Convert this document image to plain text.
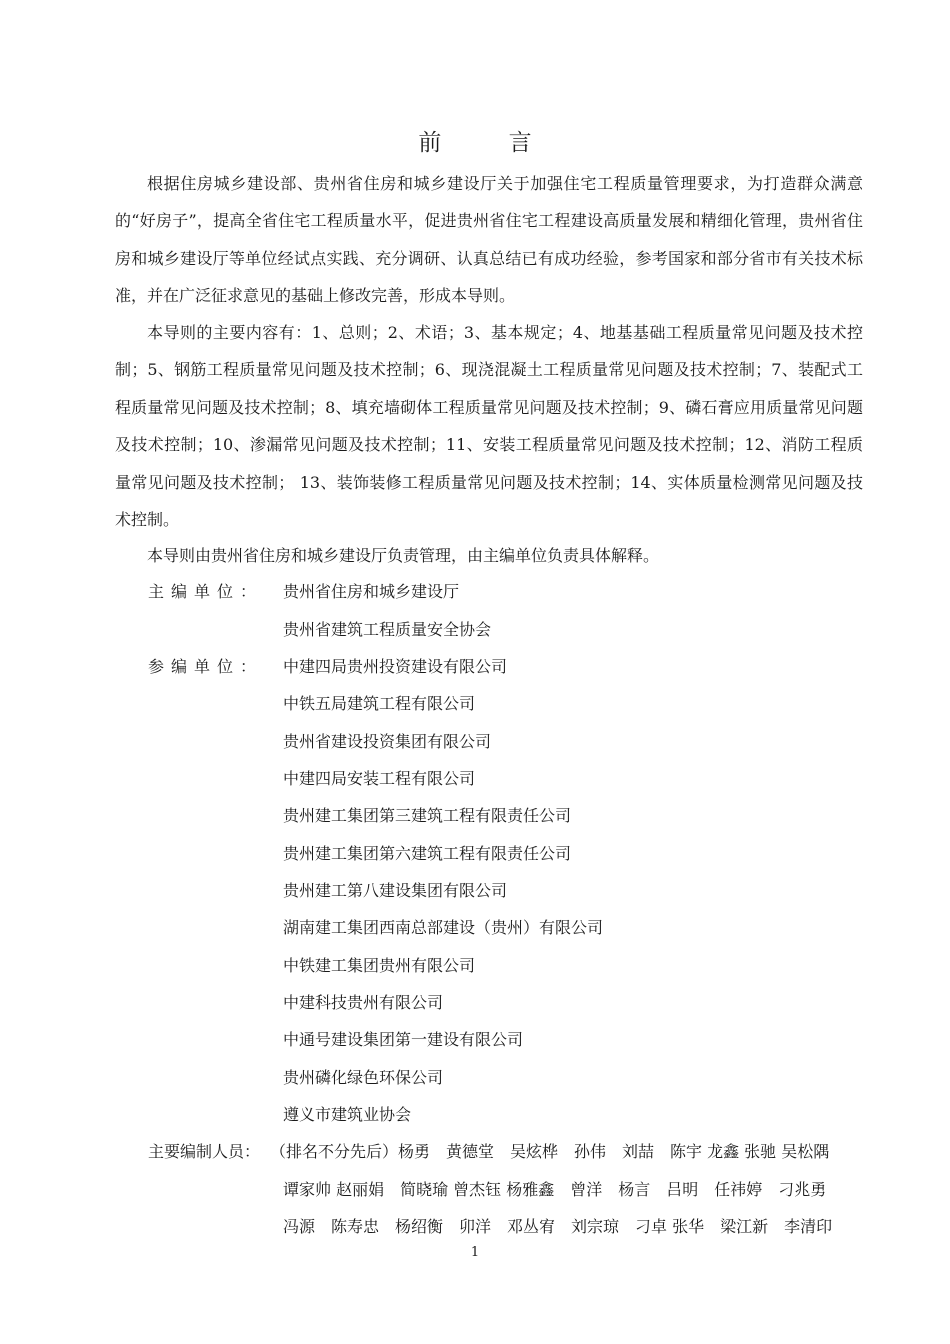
前 言

根据住房城乡建设部、贵州省住房和城乡建设厅关于加强住宅工程质量管理要求，为打造群众满意的“好房子”，提高全省住宅工程质量水平，促进贵州省住宅工程建设高质量发展和精细化管理，贵州省住房和城乡建设厅等单位经试点实践、充分调研、认真总结已有成功经验，参考国家和部分省市有关技术标准，并在广泛征求意见的基础上修改完善，形成本导则。

本导则的主要内容有：1、总则；2、术语；3、基本规定；4、地基基础工程质量常见问题及技术控制；5、钢筋工程质量常见问题及技术控制；6、现浇混凝土工程质量常见问题及技术控制；7、装配式工程质量常见问题及技术控制；8、填充墙砌体工程质量常见问题及技术控制；9、磷石膏应用质量常见问题及技术控制；10、渗漏常见问题及技术控制；11、安装工程质量常见问题及技术控制；12、消防工程质量常见问题及技术控制； 13、装饰装修工程质量常见问题及技术控制；14、实体质量检测常见问题及技术控制。

本导则由贵州省住房和城乡建设厅负责管理，由主编单位负责具体解释。

主编单位： 贵州省住房和城乡建设厅
贵州省建筑工程质量安全协会
参编单位： 中建四局贵州投资建设有限公司
中铁五局建筑工程有限公司
贵州省建设投资集团有限公司
中建四局安装工程有限公司
贵州建工集团第三建筑工程有限责任公司
贵州建工集团第六建筑工程有限责任公司
贵州建工第八建设集团有限公司
湖南建工集团西南总部建设（贵州）有限公司
中铁建工集团贵州有限公司
中建科技贵州有限公司
中通号建设集团第一建设有限公司
贵州磷化绿色环保公司
遵义市建筑业协会
主要编制人员： （排名不分先后） 杨勇　黄德堂　吴炫桦　孙伟　刘喆　陈宇 龙鑫 张驰 吴松隅
谭家帅 赵丽娟　简晓瑜 曾杰钰 杨雅鑫　曾洋　杨言　吕明　任祎婷　刁兆勇
冯源　陈寿忠　杨绍衡　卯洋　邓丛宥　刘宗琼　刁卓 张华　梁江新　李清印
1
